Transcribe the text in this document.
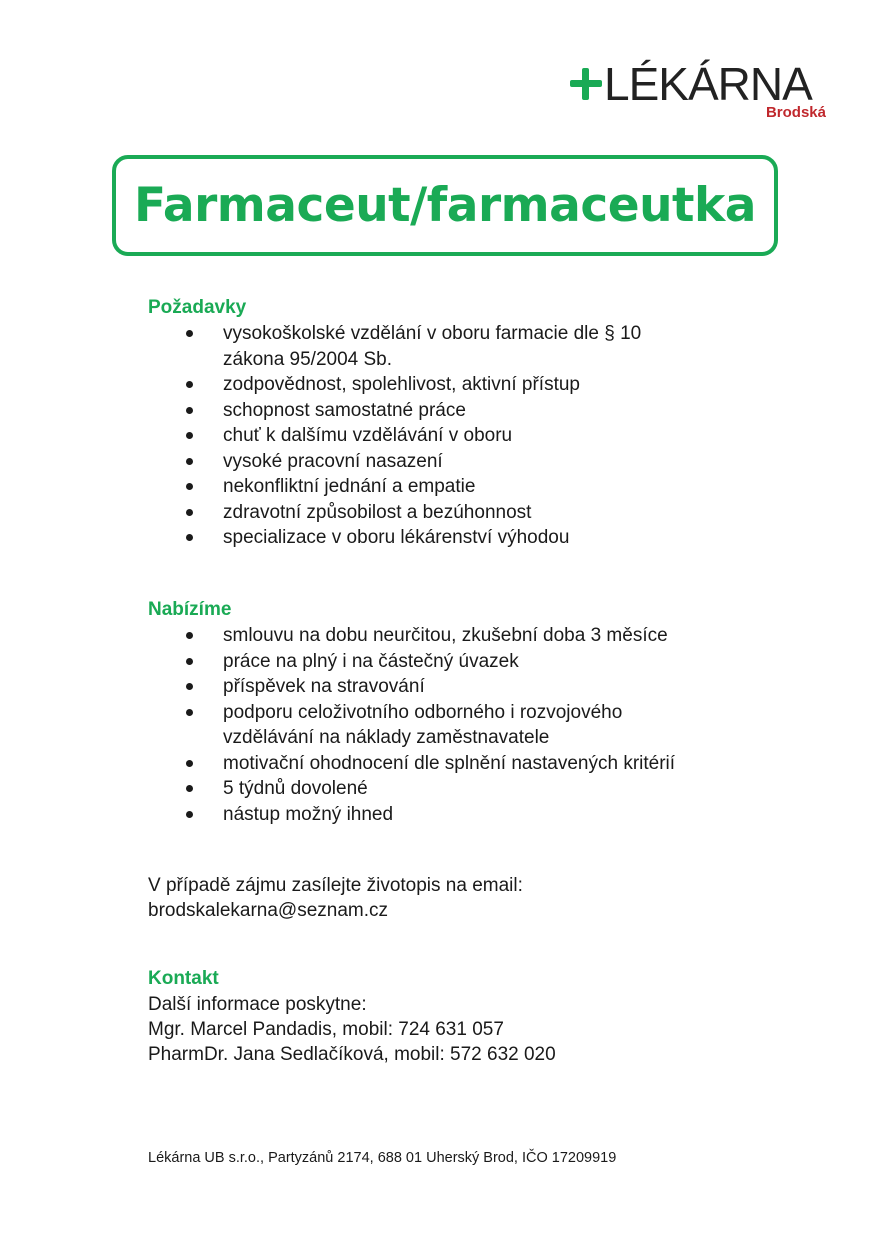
LÉKÁRNA
Brodská
Farmaceut/farmaceutka
Požadavky
vysokoškolské vzdělání v oboru farmacie dle § 10
zákona 95/2004 Sb.
zodpovědnost, spolehlivost, aktivní přístup
schopnost samostatné práce
chuť k dalšímu vzdělávání v oboru
vysoké pracovní nasazení
nekonfliktní jednání a empatie
zdravotní způsobilost a bezúhonnost
specializace v oboru lékárenství výhodou
Nabízíme
smlouvu na dobu neurčitou, zkušební doba 3 měsíce
práce na plný i na částečný úvazek
příspěvek na stravování
podporu celoživotního odborného i rozvojového
vzdělávání na náklady zaměstnavatele
motivační ohodnocení dle splnění nastavených kritérií
5 týdnů dovolené
nástup možný ihned

V případě zájmu zasílejte životopis na email:
brodskalekarna@seznam.cz

Kontakt

Další informace poskytne:
Mgr. Marcel Pandadis, mobil: 724 631 057
PharmDr. Jana Sedlačíková, mobil: 572 632 020

Lékárna UB s.r.o., Partyzánů 2174, 688 01 Uherský Brod, IČO 17209919
